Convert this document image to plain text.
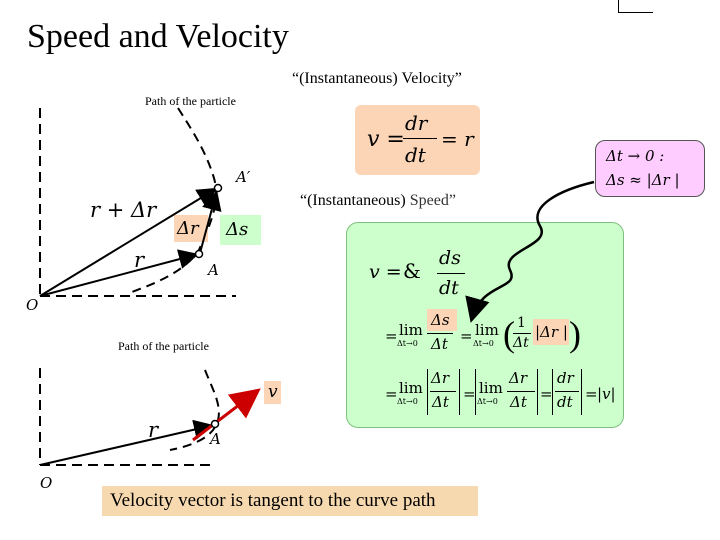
Speed and Velocity
“(Instantaneous) Velocity”
Path of the particle
v =
dr
dt
= r
Δt → 0 :
Δs ≈ |Δr |
“(Instantaneous) Speed”
v = &
ds
dt
= lim
Δt→0
Δs
Δt = lim
Δt→0 ( 1
Δt
|Δr | )
= lim
Δt→0
Δr
Δt = lim
Δt→0
Δr
Δt =
dr
dt = |v|
A′
r + Δr
Δr Δs
r	A
O
Path of the particle
r	A
v
O
Velocity vector is tangent to the curve path
